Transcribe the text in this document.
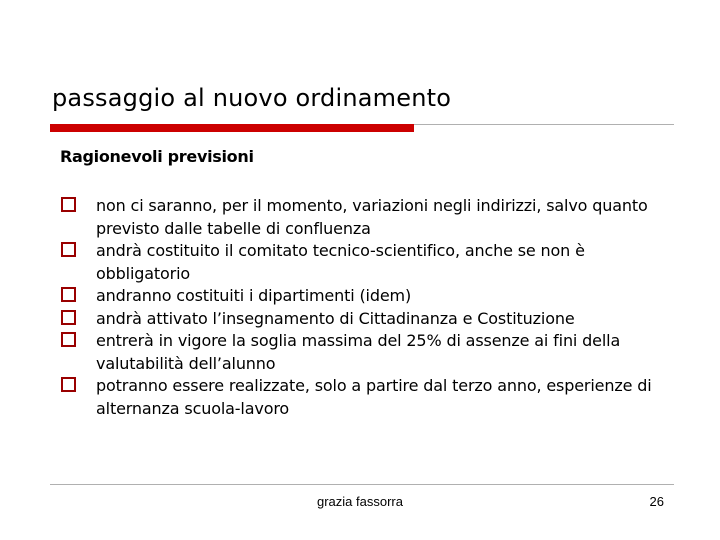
passaggio al nuovo ordinamento
Ragionevoli previsioni
non ci saranno, per il momento, variazioni negli indirizzi, salvo quanto previsto dalle tabelle di confluenza
andrà costituito il comitato tecnico-scientifico, anche se non è obbligatorio
andranno costituiti i dipartimenti (idem)
andrà attivato l’insegnamento di Cittadinanza e Costituzione
entrerà in vigore la soglia massima del 25% di assenze ai fini della valutabilità dell’alunno
potranno essere realizzate, solo a partire dal terzo anno, esperienze di alternanza scuola-lavoro
grazia fassorra	26
